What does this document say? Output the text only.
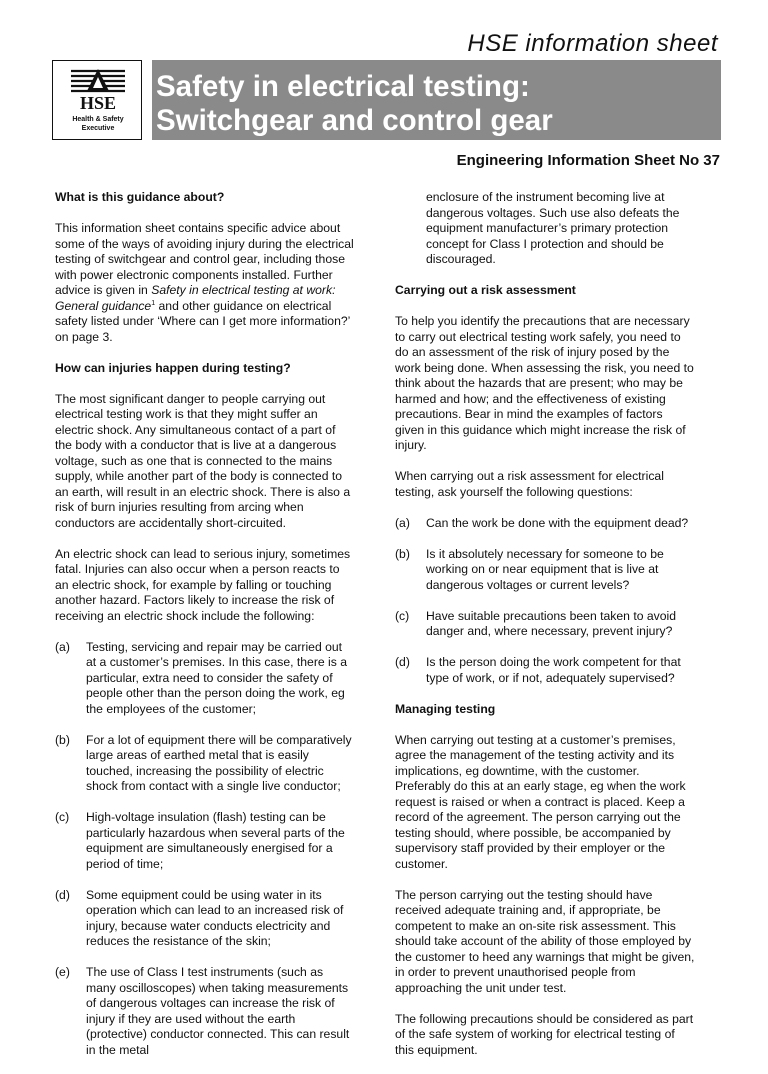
HSE information sheet
HSE
Health & Safety
Executive
Safety in electrical testing:
Switchgear and control gear
Engineering Information Sheet No 37
What is this guidance about?

This information sheet contains specific advice about some of the ways of avoiding injury during the electrical testing of switchgear and control gear, including those with power electronic components installed. Further advice is given in Safety in electrical testing at work:
General guidance$^1$ and other guidance on electrical safety listed under ‘Where can I get more information?’ on page 3.

How can injuries happen during testing?

The most significant danger to people carrying out electrical testing work is that they might suffer an electric shock. Any simultaneous contact of a part of the body with a conductor that is live at a dangerous voltage, such as one that is connected to the mains supply, while another part of the body is connected to an earth, will result in an electric shock. There is also a risk of burn injuries resulting from arcing when conductors are accidentally short-circuited.

An electric shock can lead to serious injury, sometimes fatal. Injuries can also occur when a person reacts to an electric shock, for example by falling or touching another hazard. Factors likely to increase the risk of receiving an electric shock include the following:

(a) Testing, servicing and repair may be carried out at a customer’s premises. In this case, there is a particular, extra need to consider the safety of people other than the person doing the work, eg the employees of the customer;
(b) For a lot of equipment there will be comparatively large areas of earthed metal that is easily touched, increasing the possibility of electric shock from contact with a single live conductor;
(c) High-voltage insulation (flash) testing can be particularly hazardous when several parts of the equipment are simultaneously energised for a period of time;
(d) Some equipment could be using water in its operation which can lead to an increased risk of injury, because water conducts electricity and reduces the resistance of the skin;
(e) The use of Class I test instruments (such as many oscilloscopes) when taking measurements of dangerous voltages can increase the risk of injury if they are used without the earth (protective) conductor connected. This can result in the metal
enclosure of the instrument becoming live at dangerous voltages. Such use also defeats the equipment manufacturer’s primary protection concept for Class I protection and should be discouraged.
Carrying out a risk assessment

To help you identify the precautions that are necessary to carry out electrical testing work safely, you need to do an assessment of the risk of injury posed by the work being done. When assessing the risk, you need to think about the hazards that are present; who may be harmed and how; and the effectiveness of existing precautions. Bear in mind the examples of factors given in this guidance which might increase the risk of injury.

When carrying out a risk assessment for electrical testing, ask yourself the following questions:

(a) Can the work be done with the equipment dead?
(b) Is it absolutely necessary for someone to be working on or near equipment that is live at dangerous voltages or current levels?
(c) Have suitable precautions been taken to avoid danger and, where necessary, prevent injury?
(d) Is the person doing the work competent for that type of work, or if not, adequately supervised?
Managing testing

When carrying out testing at a customer’s premises, agree the management of the testing activity and its implications, eg downtime, with the customer. Preferably do this at an early stage, eg when the work request is raised or when a contract is placed. Keep a record of the agreement. The person carrying out the testing should, where possible, be accompanied by supervisory staff provided by their employer or the customer.

The person carrying out the testing should have received adequate training and, if appropriate, be competent to make an on-site risk assessment. This should take account of the ability of those employed by the customer to heed any warnings that might be given, in order to prevent unauthorised people from approaching the unit under test.

The following precautions should be considered as part of the safe system of working for electrical testing of this equipment.
